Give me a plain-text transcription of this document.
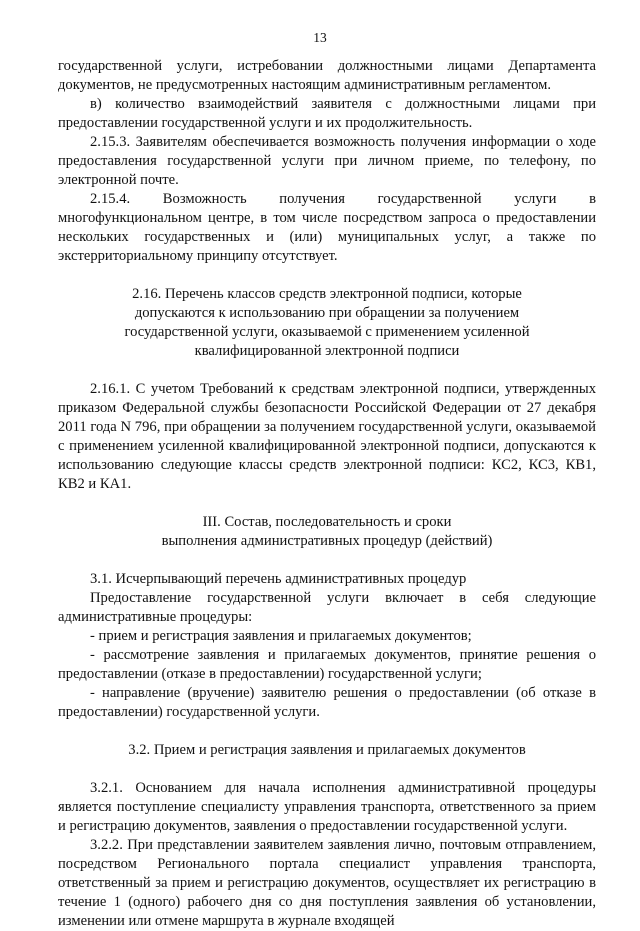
13

государственной услуги, истребовании должностными лицами Департамента документов, не предусмотренных настоящим административным регламентом.

в) количество взаимодействий заявителя с должностными лицами при предоставлении государственной услуги и их продолжительность.

2.15.3. Заявителям обеспечивается возможность получения информации о ходе предоставления государственной услуги при личном приеме, по телефону, по электронной почте.

2.15.4. Возможность получения государственной услуги в многофункциональном центре, в том числе посредством запроса о предоставлении нескольких государственных и (или) муниципальных услуг, а также по экстерриториальному принципу отсутствует.

2.16. Перечень классов средств электронной подписи, которые
допускаются к использованию при обращении за получением
государственной услуги, оказываемой с применением усиленной
квалифицированной электронной подписи

2.16.1. С учетом Требований к средствам электронной подписи, утвержденных приказом Федеральной службы безопасности Российской Федерации от 27 декабря 2011 года N 796, при обращении за получением государственной услуги, оказываемой с применением усиленной квалифицированной электронной подписи, допускаются к использованию следующие классы средств электронной подписи: КС2, КС3, КВ1, КВ2 и КА1.

III. Состав, последовательность и сроки
выполнения административных процедур (действий)

3.1. Исчерпывающий перечень административных процедур

Предоставление государственной услуги включает в себя следующие административные процедуры:

- прием и регистрация заявления и прилагаемых документов;

- рассмотрение заявления и прилагаемых документов, принятие решения о предоставлении (отказе в предоставлении) государственной услуги;

- направление (вручение) заявителю решения о предоставлении (об отказе в предоставлении) государственной услуги.

3.2. Прием и регистрация заявления и прилагаемых документов

3.2.1. Основанием для начала исполнения административной процедуры является поступление специалисту управления транспорта, ответственного за прием и регистрацию документов, заявления о предоставлении государственной услуги.

3.2.2. При представлении заявителем заявления лично, почтовым отправлением, посредством Регионального портала специалист управления транспорта, ответственный за прием и регистрацию документов, осуществляет их регистрацию в течение 1 (одного) рабочего дня со дня поступления заявления об установлении, изменении или отмене маршрута в журнале входящей
